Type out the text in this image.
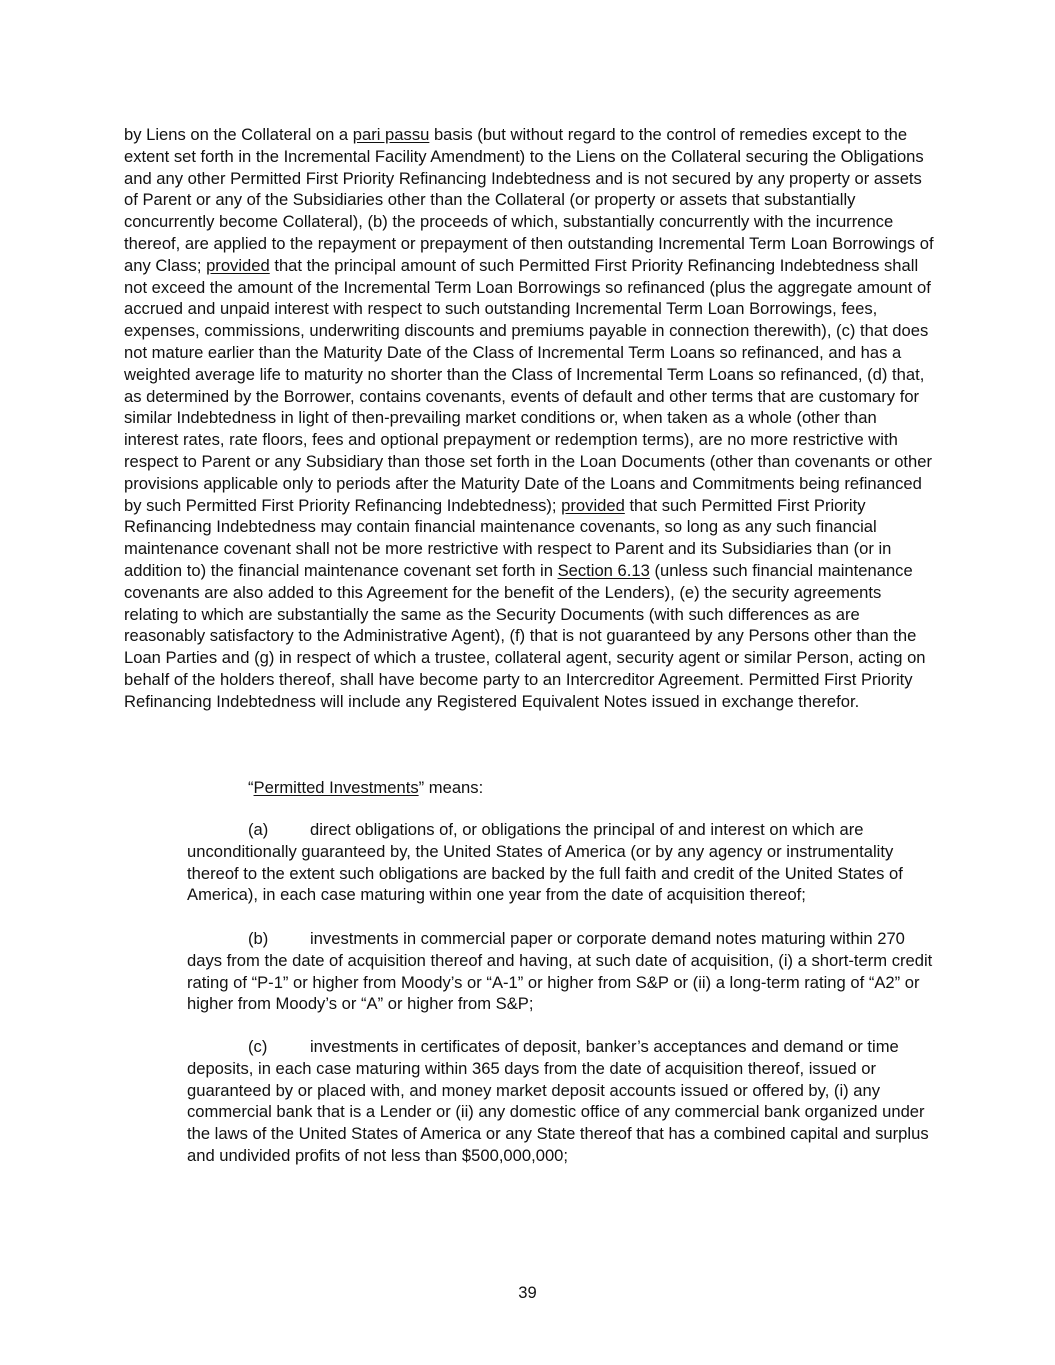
by Liens on the Collateral on a pari passu basis (but without regard to the control of remedies except to the extent set forth in the Incremental Facility Amendment) to the Liens on the Collateral securing the Obligations and any other Permitted First Priority Refinancing Indebtedness and is not secured by any property or assets of Parent or any of the Subsidiaries other than the Collateral (or property or assets that substantially concurrently become Collateral), (b) the proceeds of which, substantially concurrently with the incurrence thereof, are applied to the repayment or prepayment of then outstanding Incremental Term Loan Borrowings of any Class; provided that the principal amount of such Permitted First Priority Refinancing Indebtedness shall not exceed the amount of the Incremental Term Loan Borrowings so refinanced (plus the aggregate amount of accrued and unpaid interest with respect to such outstanding Incremental Term Loan Borrowings, fees, expenses, commissions, underwriting discounts and premiums payable in connection therewith), (c) that does not mature earlier than the Maturity Date of the Class of Incremental Term Loans so refinanced, and has a weighted average life to maturity no shorter than the Class of Incremental Term Loans so refinanced, (d) that, as determined by the Borrower, contains covenants, events of default and other terms that are customary for similar Indebtedness in light of then-prevailing market conditions or, when taken as a whole (other than interest rates, rate floors, fees and optional prepayment or redemption terms), are no more restrictive with respect to Parent or any Subsidiary than those set forth in the Loan Documents (other than covenants or other provisions applicable only to periods after the Maturity Date of the Loans and Commitments being refinanced by such Permitted First Priority Refinancing Indebtedness); provided that such Permitted First Priority Refinancing Indebtedness may contain financial maintenance covenants, so long as any such financial maintenance covenant shall not be more restrictive with respect to Parent and its Subsidiaries than (or in addition to) the financial maintenance covenant set forth in Section 6.13 (unless such financial maintenance covenants are also added to this Agreement for the benefit of the Lenders), (e) the security agreements relating to which are substantially the same as the Security Documents (with such differences as are reasonably satisfactory to the Administrative Agent), (f) that is not guaranteed by any Persons other than the Loan Parties and (g) in respect of which a trustee, collateral agent, security agent or similar Person, acting on behalf of the holders thereof, shall have become party to an Intercreditor Agreement. Permitted First Priority Refinancing Indebtedness will include any Registered Equivalent Notes issued in exchange therefor.

“Permitted Investments” means:

(a)	direct obligations of, or obligations the principal of and interest on which are unconditionally guaranteed by, the United States of America (or by any agency or instrumentality thereof to the extent such obligations are backed by the full faith and credit of the United States of America), in each case maturing within one year from the date of acquisition thereof;

(b)	investments in commercial paper or corporate demand notes maturing within 270 days from the date of acquisition thereof and having, at such date of acquisition, (i) a short-term credit rating of “P-1” or higher from Moody’s or “A-1” or higher from S&P or (ii) a long-term rating of “A2” or higher from Moody’s or “A” or higher from S&P;

(c)	investments in certificates of deposit, banker’s acceptances and demand or time deposits, in each case maturing within 365 days from the date of acquisition thereof, issued or guaranteed by or placed with, and money market deposit accounts issued or offered by, (i) any commercial bank that is a Lender or (ii) any domestic office of any commercial bank organized under the laws of the United States of America or any State thereof that has a combined capital and surplus and undivided profits of not less than $500,000,000;

39
